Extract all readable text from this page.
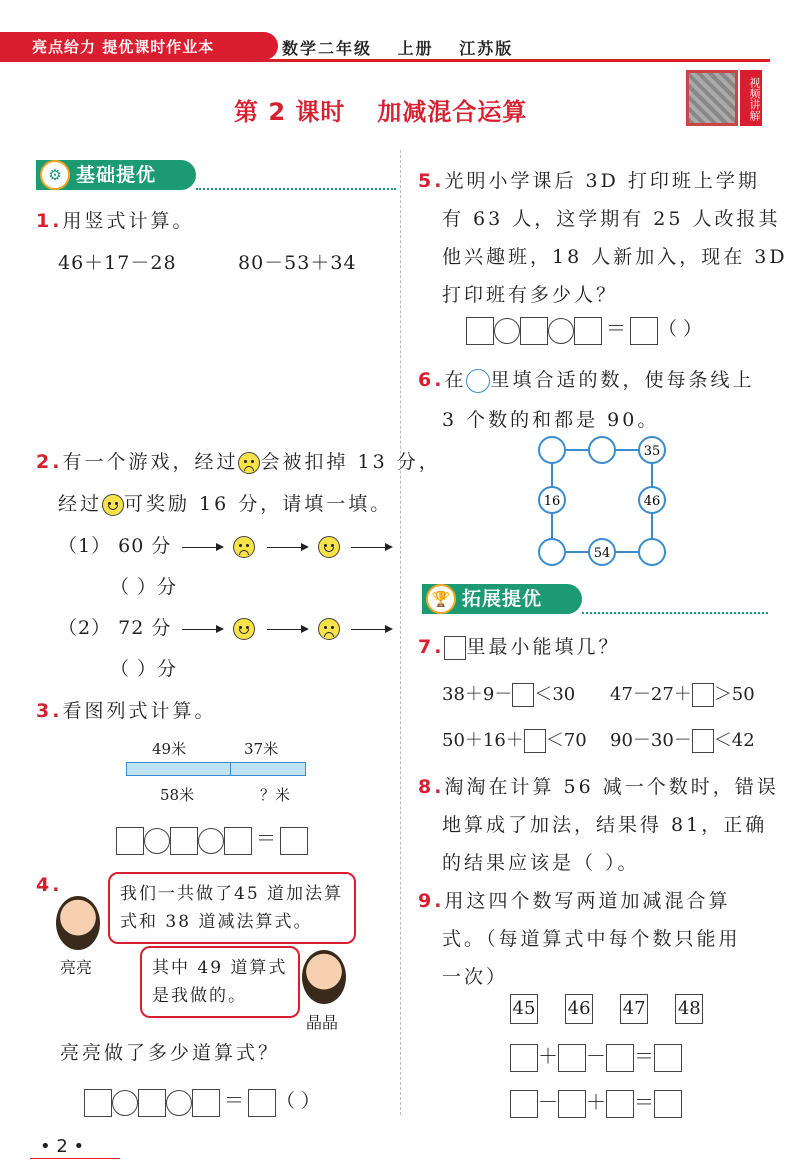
亮点给力 提优课时作业本	数学二年级 上册 江苏版
第 2 课时 加减混合运算	视频讲解
基础提优
⚙
1.用竖式计算。
46＋17－28	80－53＋34
2.有一个游戏，经过 会被扣掉 13 分，
经过 可奖励 16 分，请填一填。
（1） 60 分

（ ）分
（2） 72 分

（ ）分
3.看图列式计算。
49米	37米
58米	？米
＝
4.
亮亮
我们一共做了45 道加法算式和 38 道减法算式。
其中 49 道算式是我做的。
晶晶
亮亮做了多少道算式？
＝ （ ）
5.光明小学课后 3D 打印班上学期
有 63 人，这学期有 25 人改报其
他兴趣班，18 人新加入，现在 3D
打印班有多少人？
＝ （ ）
6.在 里填合适的数，使每条线上
3 个数的和都是 90。
35
16	46
54
拓展提优
🏆
7. 里最小能填几？
38＋9－ ＜30 47－27＋ ＞50
50＋16＋ ＜70 90－30－ ＜42
8.淘淘在计算 56 减一个数时，错误
地算成了加法，结果得 81，正确
的结果应该是（ ）。
9.用这四个数写两道加减混合算
式。（每道算式中每个数只能用
一次）
45 46 47 48
＋ － ＝
－ ＋ ＝
• 2 •
